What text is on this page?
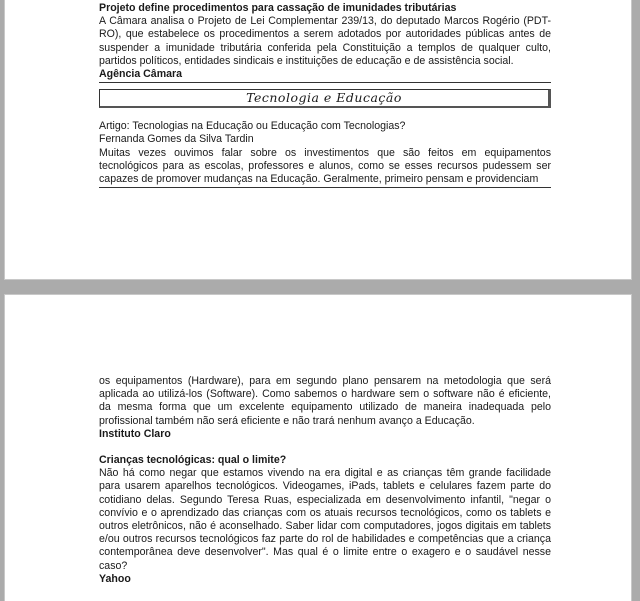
Projeto define procedimentos para cassação de imunidades tributárias

A Câmara analisa o Projeto de Lei Complementar 239/13, do deputado Marcos Rogério (PDT-RO), que estabelece os procedimentos a serem adotados por autoridades públicas antes de suspender a imunidade tributária conferida pela Constituição a templos de qualquer culto, partidos políticos, entidades sindicais e instituições de educação e de assistência social.

Agência Câmara

Tecnologia e Educação

Artigo: Tecnologias na Educação ou Educação com Tecnologias?

Fernanda Gomes da Silva Tardin

Muitas vezes ouvimos falar sobre os investimentos que são feitos em equipamentos tecnológicos para as escolas, professores e alunos, como se esses recursos pudessem ser capazes de promover mudanças na Educação. Geralmente, primeiro pensam e providenciam

os equipamentos (Hardware), para em segundo plano pensarem na metodologia que será aplicada ao utilizá-los (Software). Como sabemos o hardware sem o software não é eficiente, da mesma forma que um excelente equipamento utilizado de maneira inadequada pelo profissional também não será eficiente e não trará nenhum avanço a Educação.

Instituto Claro

Crianças tecnológicas: qual o limite?

Não há como negar que estamos vivendo na era digital e as crianças têm grande facilidade para usarem aparelhos tecnológicos. Videogames, iPads, tablets e celulares fazem parte do cotidiano delas. Segundo Teresa Ruas, especializada em desenvolvimento infantil, "negar o convívio e o aprendizado das crianças com os atuais recursos tecnológicos, como os tablets e outros eletrônicos, não é aconselhado. Saber lidar com computadores, jogos digitais em tablets e/ou outros recursos tecnológicos faz parte do rol de habilidades e competências que a criança contemporânea deve desenvolver". Mas qual é o limite entre o exagero e o saudável nesse caso?

Yahoo
